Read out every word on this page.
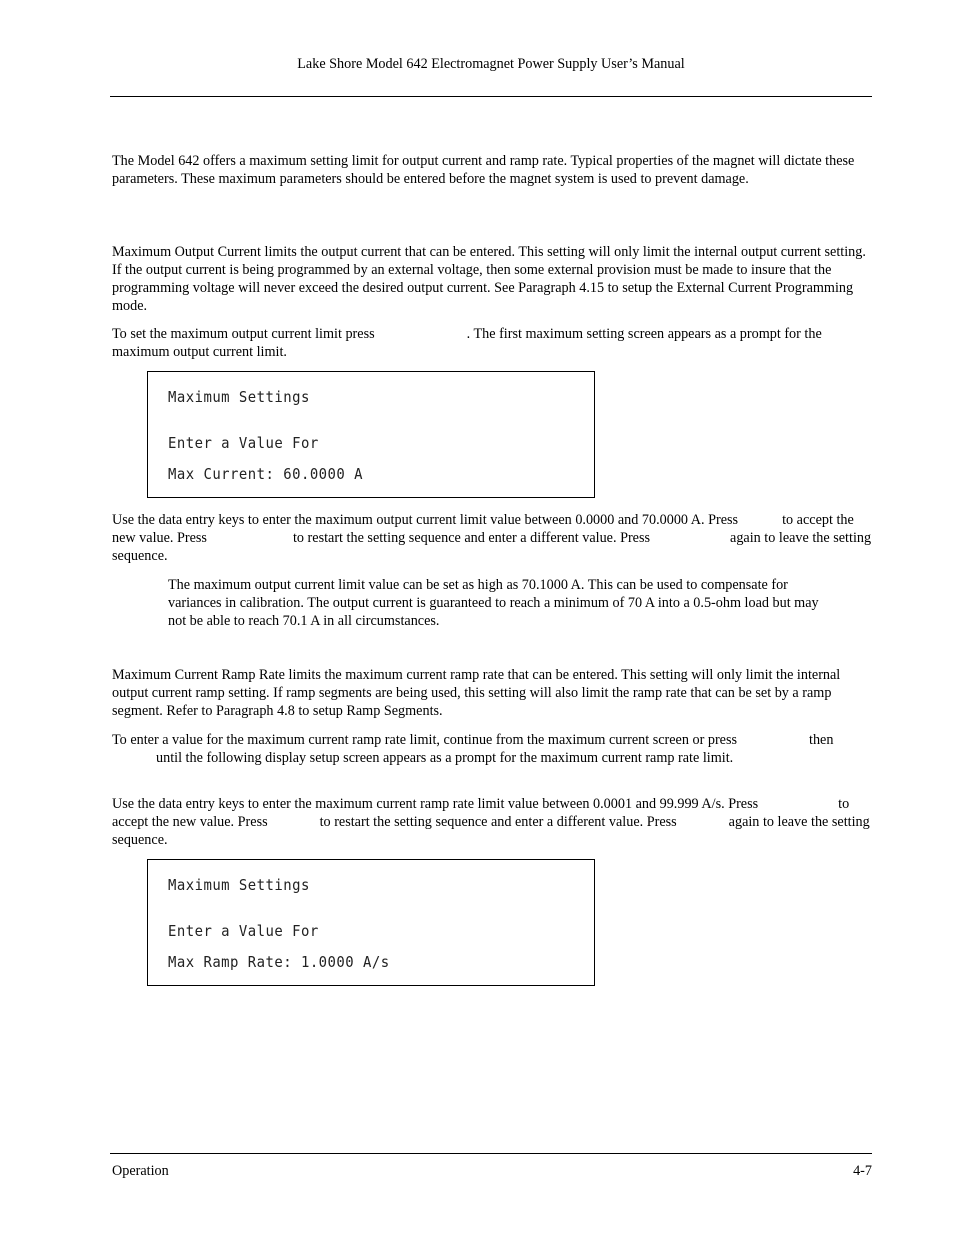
Lake Shore Model 642 Electromagnet Power Supply User’s Manual

The Model 642 offers a maximum setting limit for output current and ramp rate. Typical properties of the magnet will dictate these parameters. These maximum parameters should be entered before the magnet system is used to prevent damage.

Maximum Output Current limits the output current that can be entered. This setting will only limit the internal output current setting. If the output current is being programmed by an external voltage, then some external provision must be made to insure that the programming voltage will never exceed the desired output current. See Paragraph 4.15 to setup the External Current Programming mode.

To set the maximum output current limit press	. The first maximum setting screen appears as a prompt for the maximum output current limit.

Maximum Settings
Enter a Value For
Max Current: 60.0000 A

Use the data entry keys to enter the maximum output current limit value between 0.0000 and 70.0000 A. Press	to accept the new value. Press	to restart the setting sequence and enter a different value. Press	again to leave the setting sequence.

The maximum output current limit value can be set as high as 70.1000 A. This can be used to compensate for variances in calibration. The output current is guaranteed to reach a minimum of 70 A into a 0.5-ohm load but may not be able to reach 70.1 A in all circumstances.

Maximum Current Ramp Rate limits the maximum current ramp rate that can be entered. This setting will only limit the internal output current ramp setting. If ramp segments are being used, this setting will also limit the ramp rate that can be set by a ramp segment. Refer to Paragraph 4.8 to setup Ramp Segments.

To enter a value for the maximum current ramp rate limit, continue from the maximum current screen or press	thenuntil the following display setup screen appears as a prompt for the maximum current ramp rate limit.

Use the data entry keys to enter the maximum current ramp rate limit value between 0.0001 and 99.999 A/s. Press	to accept the new value. Press	to restart the setting sequence and enter a different value. Press	again to leave the setting sequence.

Maximum Settings
Enter a Value For
Max Ramp Rate: 1.0000 A/s
Operation	4-7
